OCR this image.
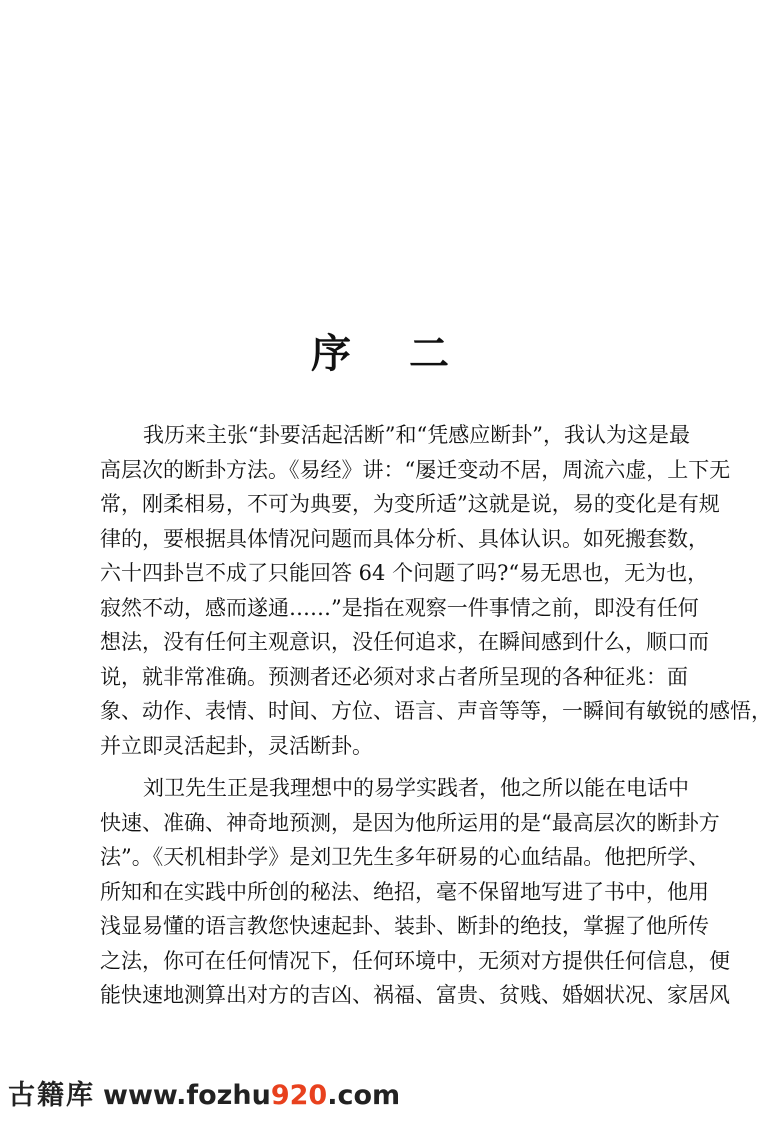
序 二
我历来主张“卦要活起活断”和“凭感应断卦”，我认为这是最
高层次的断卦方法。《易经》讲：“屡迁变动不居，周流六虚，上下无
常，刚柔相易，不可为典要，为变所适”这就是说，易的变化是有规
律的，要根据具体情况问题而具体分析、具体认识。如死搬套数，
六十四卦岂不成了只能回答 64 个问题了吗?“易无思也，无为也，
寂然不动，感而遂通……”是指在观察一件事情之前，即没有任何
想法，没有任何主观意识，没任何追求，在瞬间感到什么，顺口而
说，就非常准确。预测者还必须对求占者所呈现的各种征兆：面
象、动作、表情、时间、方位、语言、声音等等，一瞬间有敏锐的感悟，
并立即灵活起卦，灵活断卦。
刘卫先生正是我理想中的易学实践者，他之所以能在电话中
快速、准确、神奇地预测，是因为他所运用的是“最高层次的断卦方
法”。《天机相卦学》是刘卫先生多年研易的心血结晶。他把所学、
所知和在实践中所创的秘法、绝招，毫不保留地写进了书中，他用
浅显易懂的语言教您快速起卦、装卦、断卦的绝技，掌握了他所传
之法，你可在任何情况下，任何环境中，无须对方提供任何信息，便
能快速地测算出对方的吉凶、祸福、富贵、贫贱、婚姻状况、家居风
古籍库 www.fozhu920.com
